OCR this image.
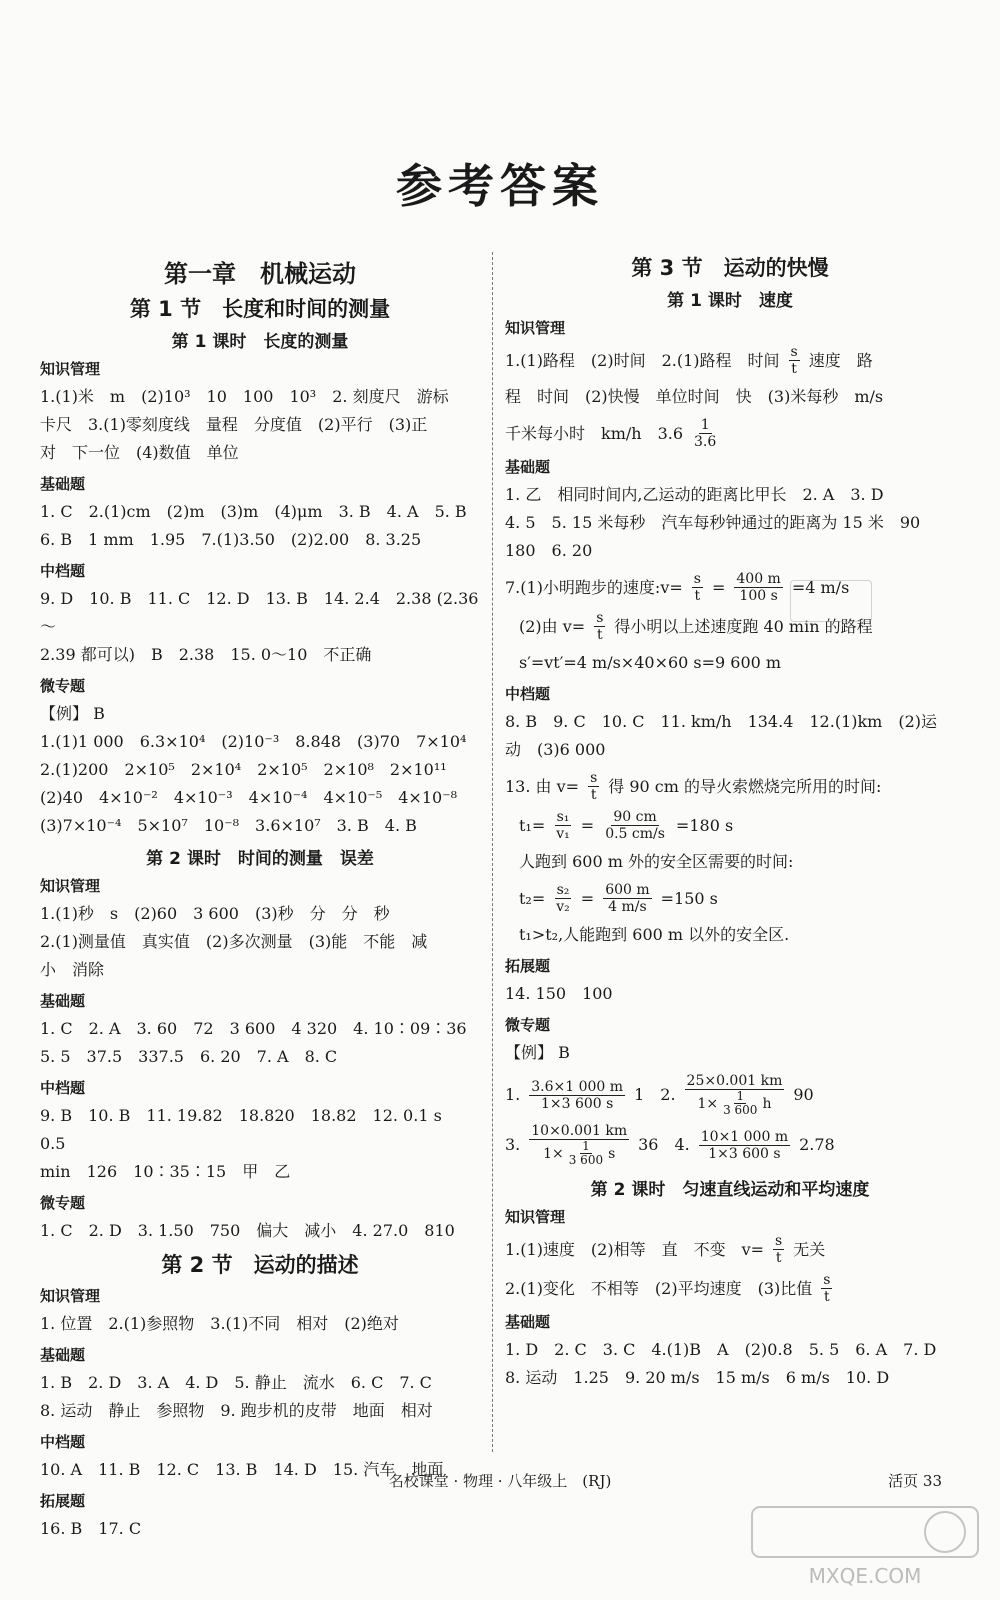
参考答案
第一章　机械运动
第 1 节　长度和时间的测量
第 1 课时　长度的测量
知识管理
1.(1)米　m　(2)10³　10　100　10³　2. 刻度尺　游标
卡尺　3.(1)零刻度线　量程　分度值　(2)平行　(3)正
对　下一位　(4)数值　单位
基础题
1. C　2.(1)cm　(2)m　(3)m　(4)μm　3. B　4. A　5. B
6. B　1 mm　1.95　7.(1)3.50　(2)2.00　8. 3.25
中档题
9. D　10. B　11. C　12. D　13. B　14. 2.4　2.38 (2.36～
2.39 都可以)　B　2.38　15. 0～10　不正确
微专题
【例】 B
1.(1)1 000　6.3×10⁴　(2)10⁻³　8.848　(3)70　7×10⁴
2.(1)200　2×10⁵　2×10⁴　2×10⁵　2×10⁸　2×10¹¹
(2)40　4×10⁻²　4×10⁻³　4×10⁻⁴　4×10⁻⁵　4×10⁻⁸
(3)7×10⁻⁴　5×10⁷　10⁻⁸　3.6×10⁷　3. B　4. B
第 2 课时　时间的测量　误差
知识管理
1.(1)秒　s　(2)60　3 600　(3)秒　分　分　秒
2.(1)测量值　真实值　(2)多次测量　(3)能　不能　减
小　消除
基础题
1. C　2. A　3. 60　72　3 600　4 320　4. 10∶09∶36
5. 5　37.5　337.5　6. 20　7. A　8. C
中档题
9. B　10. B　11. 19.82　18.820　18.82　12. 0.1 s　0.5
min　126　10∶35∶15　甲　乙
微专题
1. C　2. D　3. 1.50　750　偏大　减小　4. 27.0　810
第 2 节　运动的描述
知识管理
1. 位置　2.(1)参照物　3.(1)不同　相对　(2)绝对
基础题
1. B　2. D　3. A　4. D　5. 静止　流水　6. C　7. C
8. 运动　静止　参照物　9. 跑步机的皮带　地面　相对
中档题
10. A　11. B　12. C　13. B　14. D　15. 汽车　地面
拓展题
16. B　17. C
第 3 节　运动的快慢
第 1 课时　速度
知识管理
1.(1)路程　(2)时间　2.(1)路程　时间 $\frac{s}{t}$ 速度　路
程　时间　(2)快慢　单位时间　快　(3)米每秒　m/s
千米每小时　km/h　$3.6 \frac{1}{3.6}$
基础题
1. 乙　相同时间内,乙运动的距离比甲长　2. A　3. D
4. 5　5. 15 米每秒　汽车每秒钟通过的距离为 15 米　90
180　6. 20
7.(1)小明跑步的速度:v= $\frac{s}{t} = \frac{400 m}{100 s} =4$ m/s
(2)由 $v= \frac{s}{t}$ 得小明以上述速度跑 40 min 的路程
s′=vt′=4 m/s×40×60 s=9 600 m
中档题
8. B　9. C　10. C　11. km/h　134.4　12.(1)km　(2)运
动　(3)6 000
13. 由 $v= \frac{s}{t}$ 得 90 cm 的导火索燃烧完所用的时间:
$t_1= \frac{\text{s₁}}{\text{v₁}} = \frac{90 cm}{0.5 cm/s} =180$ s
人跑到 600 m 外的安全区需要的时间:
$t_2= \frac{\text{s₂}}{\text{v₂}} = \frac{600 m}{4 m/s} =150$ s
t₁>t₂,人能跑到 600 m 以外的安全区.
拓展题
14. 150　100
微专题
【例】 B
1. $\frac{3.6\times 1 000 m}{1\times 3 600 s} 1$　2. $\frac{25\times 0.001 km}{1\times \frac{1}{3 600} h} 90$
3. $\frac{10\times 0.001 km}{1\times \frac{1}{3 600} s} 36$　4. $\frac{10\times 1 000 m}{1\times 3 600 s} 2.78$
第 2 课时　匀速直线运动和平均速度
知识管理
1.(1)速度　(2)相等　直　不变　$v= \frac{s}{t}$ 无关
2.(1)变化　不相等　(2)平均速度　(3)比值 $\frac{s}{t}$
基础题
1. D　2. C　3. C　4.(1)B　A　(2)0.8　5. 5　6. A　7. D
8. 运动　1.25　9. 20 m/s　15 m/s　6 m/s　10. D
名校课堂 · 物理 · 八年级上　(RJ)	活页 33
MXQE.COM
